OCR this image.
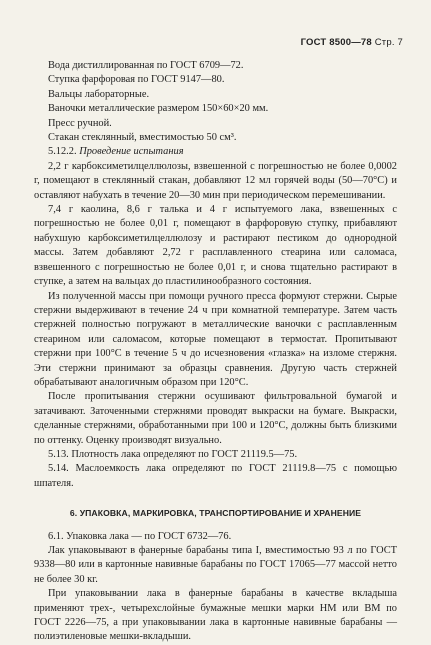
ГОСТ 8500—78 Стр. 7

Вода дистиллированная по ГОСТ 6709—72.

Ступка фарфоровая по ГОСТ 9147—80.

Вальцы лабораторные.

Ваночки металлические размером 150×60×20 мм.

Пресс ручной.

Стакан стеклянный, вместимостью 50 см³.

5.12.2. Проведение испытания

2,2 г карбоксиметилцеллюлозы, взвешенной с погрешностью не более 0,0002 г, помещают в стеклянный стакан, добавляют 12 мл горячей воды (50—70°С) и оставляют набухать в течение 20—30 мин при периодическом перемешивании.

7,4 г каолина, 8,6 г талька и 4 г испытуемого лака, взвешенных с погрешностью не более 0,01 г, помещают в фарфоровую ступку, прибавляют набухшую карбоксиметилцеллюлозу и растирают пестиком до однородной массы. Затем добавляют 2,72 г расплавленного стеарина или саломаса, взвешенного с погрешностью не более 0,01 г, и снова тщательно растирают в ступке, а затем на вальцах до пластилинообразного состояния.

Из полученной массы при помощи ручного пресса формуют стержни. Сырые стержни выдерживают в течение 24 ч при комнатной температуре. Затем часть стержней полностью погружают в металлические ваночки с расплавленным стеарином или саломасом, которые помещают в термостат. Пропитывают стержни при 100°С в течение 5 ч до исчезновения «глазка» на изломе стержня. Эти стержни принимают за образцы сравнения. Другую часть стержней обрабатывают аналогичным образом при 120°С.

После пропитывания стержни осушивают фильтровальной бумагой и затачивают. Заточенными стержнями проводят выкраски на бумаге. Выкраски, сделанные стержнями, обработанными при 100 и 120°С, должны быть близкими по оттенку. Оценку производят визуально.

5.13. Плотность лака определяют по ГОСТ 21119.5—75.

5.14. Маслоемкость лака определяют по ГОСТ 21119.8—75 с помощью шпателя.

6. УПАКОВКА, МАРКИРОВКА, ТРАНСПОРТИРОВАНИЕ И ХРАНЕНИЕ

6.1. Упаковка лака — по ГОСТ 6732—76.

Лак упаковывают в фанерные барабаны типа I, вместимостью 93 л по ГОСТ 9338—80 или в картонные навивные барабаны по ГОСТ 17065—77 массой нетто не более 30 кг.

При упаковывании лака в фанерные барабаны в качестве вкладыша применяют трех-, четырехслойные бумажные мешки марки НМ или ВМ по ГОСТ 2226—75, а при упаковывании лака в картонные навивные барабаны — полиэтиленовые мешки-вкладыши.
